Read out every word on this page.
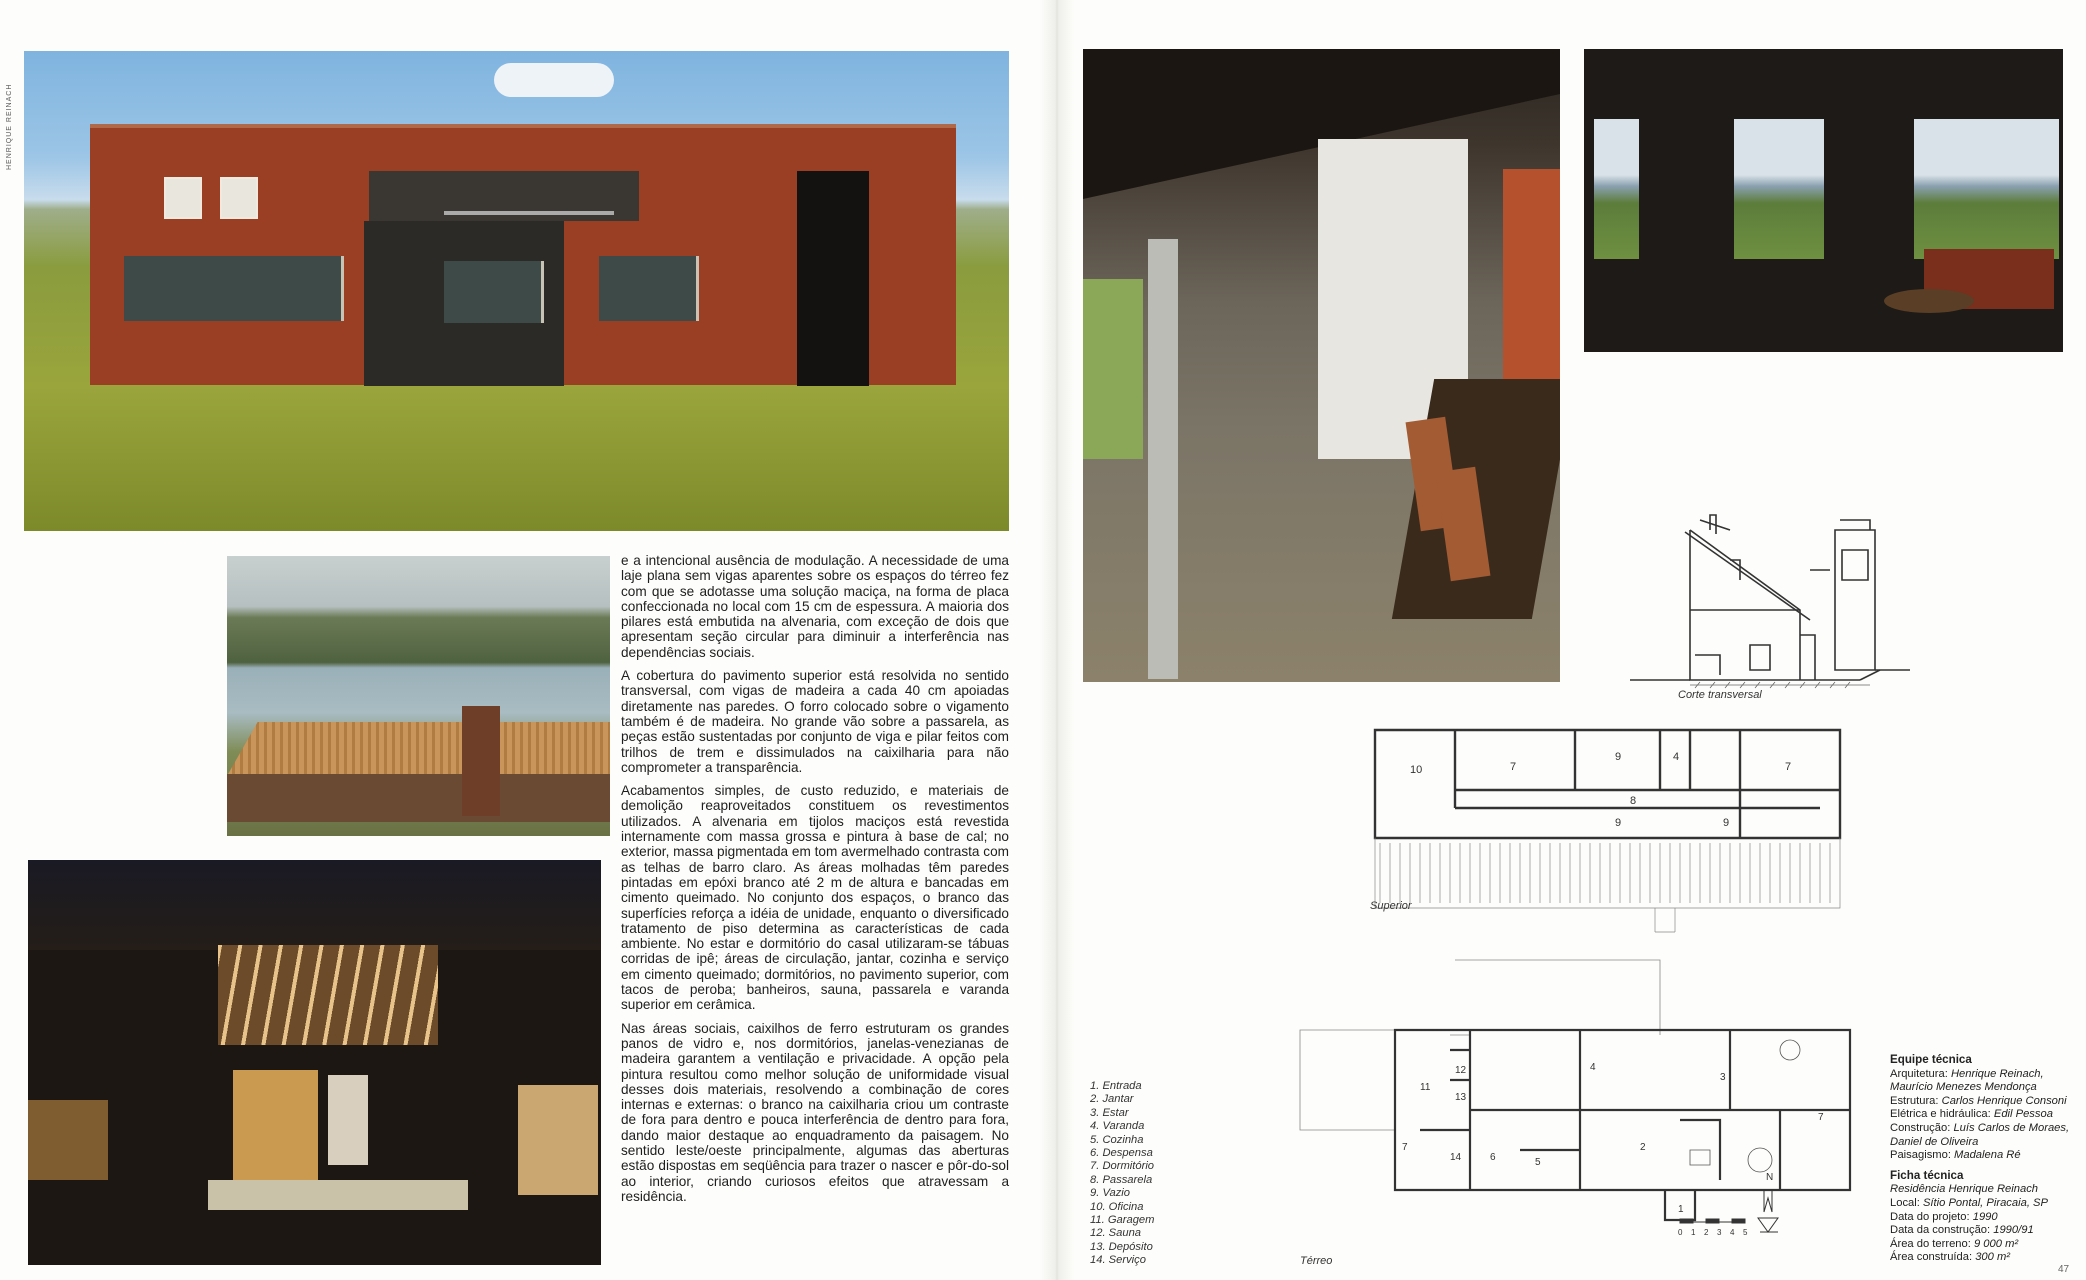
HENRIQUE REINACH

e a intencional ausência de modulação. A necessidade de uma laje plana sem vigas aparentes sobre os espaços do térreo fez com que se adotasse uma solução maciça, na forma de placa confeccionada no local com 15 cm de espessura. A maioria dos pilares está embutida na alvenaria, com exceção de dois que apresentam seção circular para diminuir a interferência nas dependências sociais.

A cobertura do pavimento superior está resolvida no sentido transversal, com vigas de madeira a cada 40 cm apoiadas diretamente nas paredes. O forro colocado sobre o vigamento também é de madeira. No grande vão sobre a passarela, as peças estão sustentadas por conjunto de viga e pilar feitos com trilhos de trem e dissimulados na caixilharia para não comprometer a transparência.

Acabamentos simples, de custo reduzido, e materiais de demolição reaproveitados constituem os revestimentos utilizados. A alvenaria em tijolos maciços está revestida internamente com massa grossa e pintura à base de cal; no exterior, massa pigmentada em tom avermelhado contrasta com as telhas de barro claro. As áreas molhadas têm paredes pintadas em epóxi branco até 2 m de altura e bancadas em cimento queimado. No conjunto dos espaços, o branco das superfícies reforça a idéia de unidade, enquanto o diversificado tratamento de piso determina as características de cada ambiente. No estar e dormitório do casal utilizaram-se tábuas corridas de ipê; áreas de circulação, jantar, cozinha e serviço em cimento queimado; dormitórios, no pavimento superior, com tacos de peroba; banheiros, sauna, passarela e varanda superior em cerâmica.

Nas áreas sociais, caixilhos de ferro estruturam os grandes panos de vidro e, nos dormitórios, janelas-venezianas de madeira garantem a ventilação e privacidade. A opção pela pintura resultou como melhor solução de uniformidade visual desses dois materiais, resolvendo a combinação de cores internas e externas: o branco na caixilharia criou um contraste de fora para dentro e pouca interferência de dentro para fora, dando maior destaque ao enquadramento da paisagem. No sentido leste/oeste principalmente, algumas das aberturas estão dispostas em seqüência para trazer o nascer e pôr-do-sol ao interior, criando curiosos efeitos que atravessam a residência.

Corte transversal
10	7
9	4
7
8
9	9
Superior
11
12
13
4
3
7
14	6	5
2
1
7
N
0 1 2 3 4 5
Térreo
1. Entrada
2. Jantar
3. Estar
4. Varanda
5. Cozinha
6. Despensa
7. Dormitório
8. Passarela
9. Vazio
10. Oficina
11. Garagem
12. Sauna
13. Depósito
14. Serviço
Equipe técnica
Arquitetura: Henrique Reinach,
Maurício Menezes Mendonça
Estrutura: Carlos Henrique Consoni
Elétrica e hidráulica: Edil Pessoa
Construção: Luís Carlos de Moraes,
Daniel de Oliveira
Paisagismo: Madalena Ré
Ficha técnica
Residência Henrique Reinach
Local: Sítio Pontal, Piracaia, SP
Data do projeto: 1990
Data da construção: 1990/91
Área do terreno: 9 000 m²
Área construída: 300 m²
47
